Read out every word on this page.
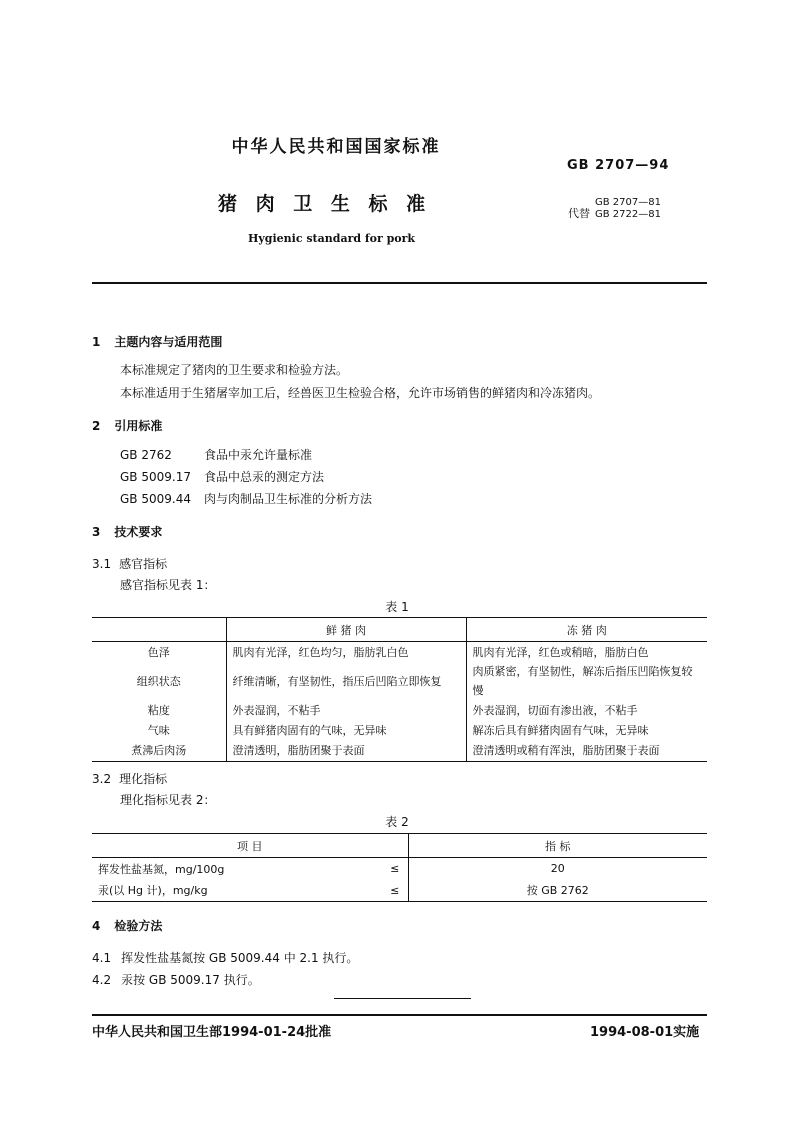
中华人民共和国国家标准
GB 2707—94
猪 肉 卫 生 标 准	代替
GB 2707—81
GB 2722—81
Hygienic standard for pork
1 主题内容与适用范围
本标准规定了猪肉的卫生要求和检验方法。
本标准适用于生猪屠宰加工后，经兽医卫生检验合格，允许市场销售的鲜猪肉和冷冻猪肉。
2 引用标准
GB 2762	食品中汞允许量标准
GB 5009.17 食品中总汞的测定方法
GB 5009.44 肉与肉制品卫生标准的分析方法
3 技术要求
3.1 感官指标
感官指标见表 1：
表 1
	鲜 猪 肉	冻 猪 肉
色泽	肌肉有光泽，红色均匀，脂肪乳白色	肌肉有光泽，红色或稍暗，脂肪白色
组织状态	纤维清晰，有坚韧性，指压后凹陷立即恢复	肉质紧密，有坚韧性，解冻后指压凹陷恢复较慢
粘度	外表湿润，不粘手	外表湿润，切面有渗出液，不粘手
气味	具有鲜猪肉固有的气味，无异味	解冻后具有鲜猪肉固有气味，无异味
煮沸后肉汤	澄清透明，脂肪团聚于表面	澄清透明或稍有浑浊，脂肪团聚于表面
3.2 理化指标
理化指标见表 2：
表 2
项 目		指 标
挥发性盐基氮，mg/100g	≤	20
汞(以 Hg 计)，mg/kg	≤	按 GB 2762
4 检验方法
4.1 挥发性盐基氮按 GB 5009.44 中 2.1 执行。
4.2 汞按 GB 5009.17 执行。
中华人民共和国卫生部1994-01-24批准	1994-08-01实施
